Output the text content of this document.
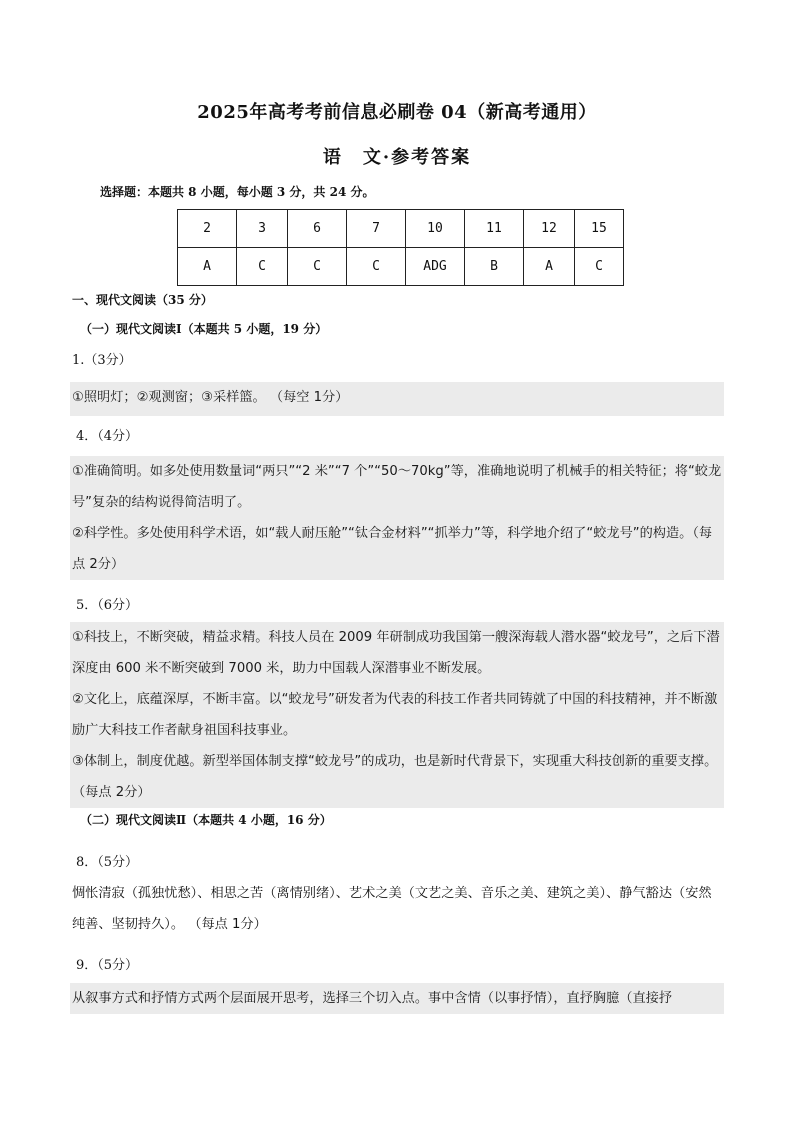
2025年高考考前信息必刷卷 04（新高考通用）
语　文·参考答案
选择题：本题共 8 小题，每小题 3 分，共 24 分。
2	3	6	7	10	11	12	15
A	C	C	C	ADG	B	A	C
一、现代文阅读（35 分）
（一）现代文阅读Ⅰ（本题共 5 小题，19 分）
1.（3分）

①照明灯；②观测窗；③采样篮。 （每空 1分）

4．（4分）

①准确简明。如多处使用数量词“两只”“2 米”“7 个”“50～70kg”等，准确地说明了机械手的相关特征；将“蛟龙号”复杂的结构说得简洁明了。

②科学性。多处使用科学术语，如“载人耐压舱”“钛合金材料”“抓举力”等，科学地介绍了“蛟龙号”的构造。（每点 2分）

5．（6分）

①科技上，不断突破，精益求精。科技人员在 2009 年研制成功我国第一艘深海载人潜水器“蛟龙号”，之后下潜深度由 600 米不断突破到 7000 米，助力中国载人深潜事业不断发展。

②文化上，底蕴深厚，不断丰富。以“蛟龙号”研发者为代表的科技工作者共同铸就了中国的科技精神，并不断激励广大科技工作者献身祖国科技事业。

③体制上，制度优越。新型举国体制支撑“蛟龙号”的成功，也是新时代背景下，实现重大科技创新的重要支撑。（每点 2分）

（二）现代文阅读Ⅱ（本题共 4 小题，16 分）
8．（5分）

惆怅清寂（孤独忧愁）、相思之苦（离情别绪）、艺术之美（文艺之美、音乐之美、建筑之美）、静气豁达（安然纯善、坚韧持久）。 （每点 1分）

9．（5分）

从叙事方式和抒情方式两个层面展开思考，选择三个切入点。事中含情（以事抒情），直抒胸臆（直接抒
